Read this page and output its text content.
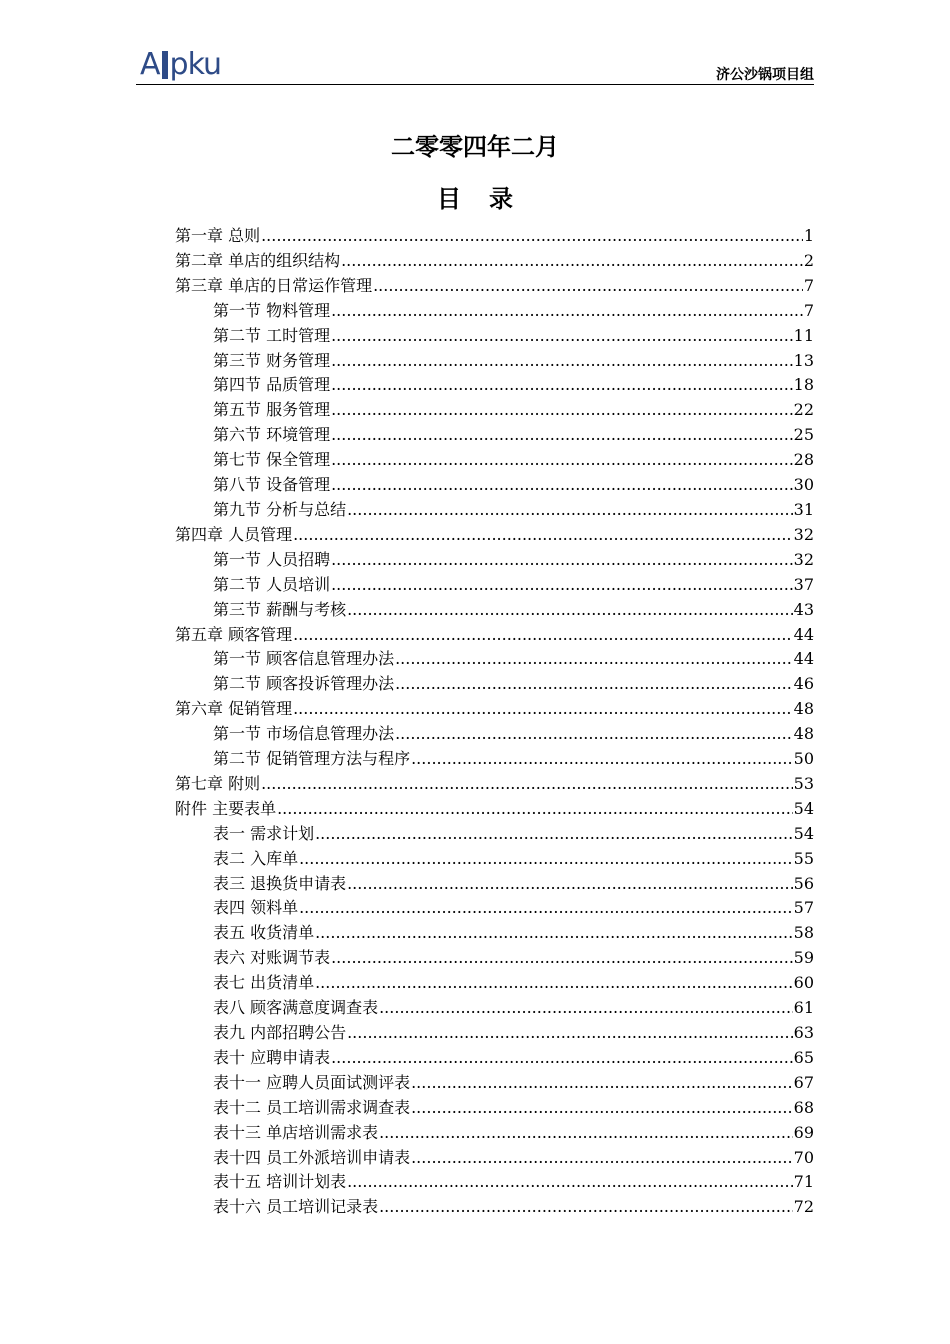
A pku	济公沙锅项目组
二零零四年二月
目录
第一章 总则 .....	1
第二章 单店的组织结构 .....	2
第三章 单店的日常运作管理 .....	7
第一节 物料管理 .....	7
第二节 工时管理 .....	11
第三节 财务管理 .....	13
第四节 品质管理 .....	18
第五节 服务管理 .....	22
第六节 环境管理 .....	25
第七节 保全管理 .....	28
第八节 设备管理 .....	30
第九节 分析与总结 .....	31
第四章 人员管理 .....	32
第一节 人员招聘 .....	32
第二节 人员培训 .....	37
第三节 薪酬与考核 .....	43
第五章 顾客管理 .....	44
第一节 顾客信息管理办法 .....	44
第二节 顾客投诉管理办法 .....	46
第六章 促销管理 .....	48
第一节 市场信息管理办法 .....	48
第二节 促销管理方法与程序 .....	50
第七章 附则 .....	53
附件 主要表单 .....	54
表一 需求计划 .....	54
表二 入库单 .....	55
表三 退换货申请表 .....	56
表四 领料单 .....	57
表五 收货清单 .....	58
表六 对账调节表 .....	59
表七 出货清单 .....	60
表八 顾客满意度调查表 .....	61
表九 内部招聘公告 .....	63
表十 应聘申请表 .....	65
表十一 应聘人员面试测评表 .....	67
表十二 员工培训需求调查表 .....	68
表十三 单店培训需求表 .....	69
表十四 员工外派培训申请表 .....	70
表十五 培训计划表 .....	71
表十六 员工培训记录表 .....	72
